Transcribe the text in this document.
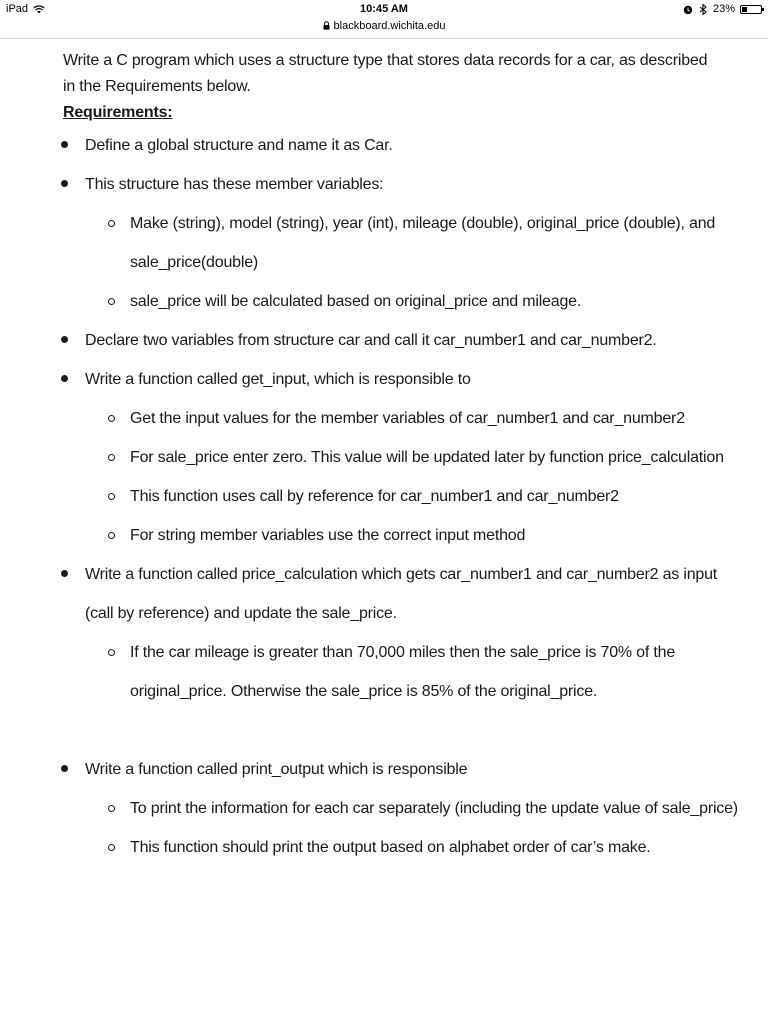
iPad	10:45 AM	23%
blackboard.wichita.edu

Write a C program which uses a structure type that stores data records for a car, as described in the Requirements below.

Requirements:

Define a global structure and name it as Car.
This structure has these member variables:
Make (string), model (string), year (int), mileage (double), original_price (double), and sale_price(double)
sale_price will be calculated based on original_price and mileage.
Declare two variables from structure car and call it car_number1 and car_number2.
Write a function called get_input, which is responsible to
Get the input values for the member variables of car_number1 and car_number2
For sale_price enter zero. This value will be updated later by function price_calculation
This function uses call by reference for car_number1 and car_number2
For string member variables use the correct input method
Write a function called price_calculation which gets car_number1 and car_number2 as input (call by reference) and update the sale_price.
If the car mileage is greater than 70,000 miles then the sale_price is 70% of the original_price. Otherwise the sale_price is 85% of the original_price.
Write a function called print_output which is responsible
To print the information for each car separately (including the update value of sale_price)
This function should print the output based on alphabet order of car’s make.
